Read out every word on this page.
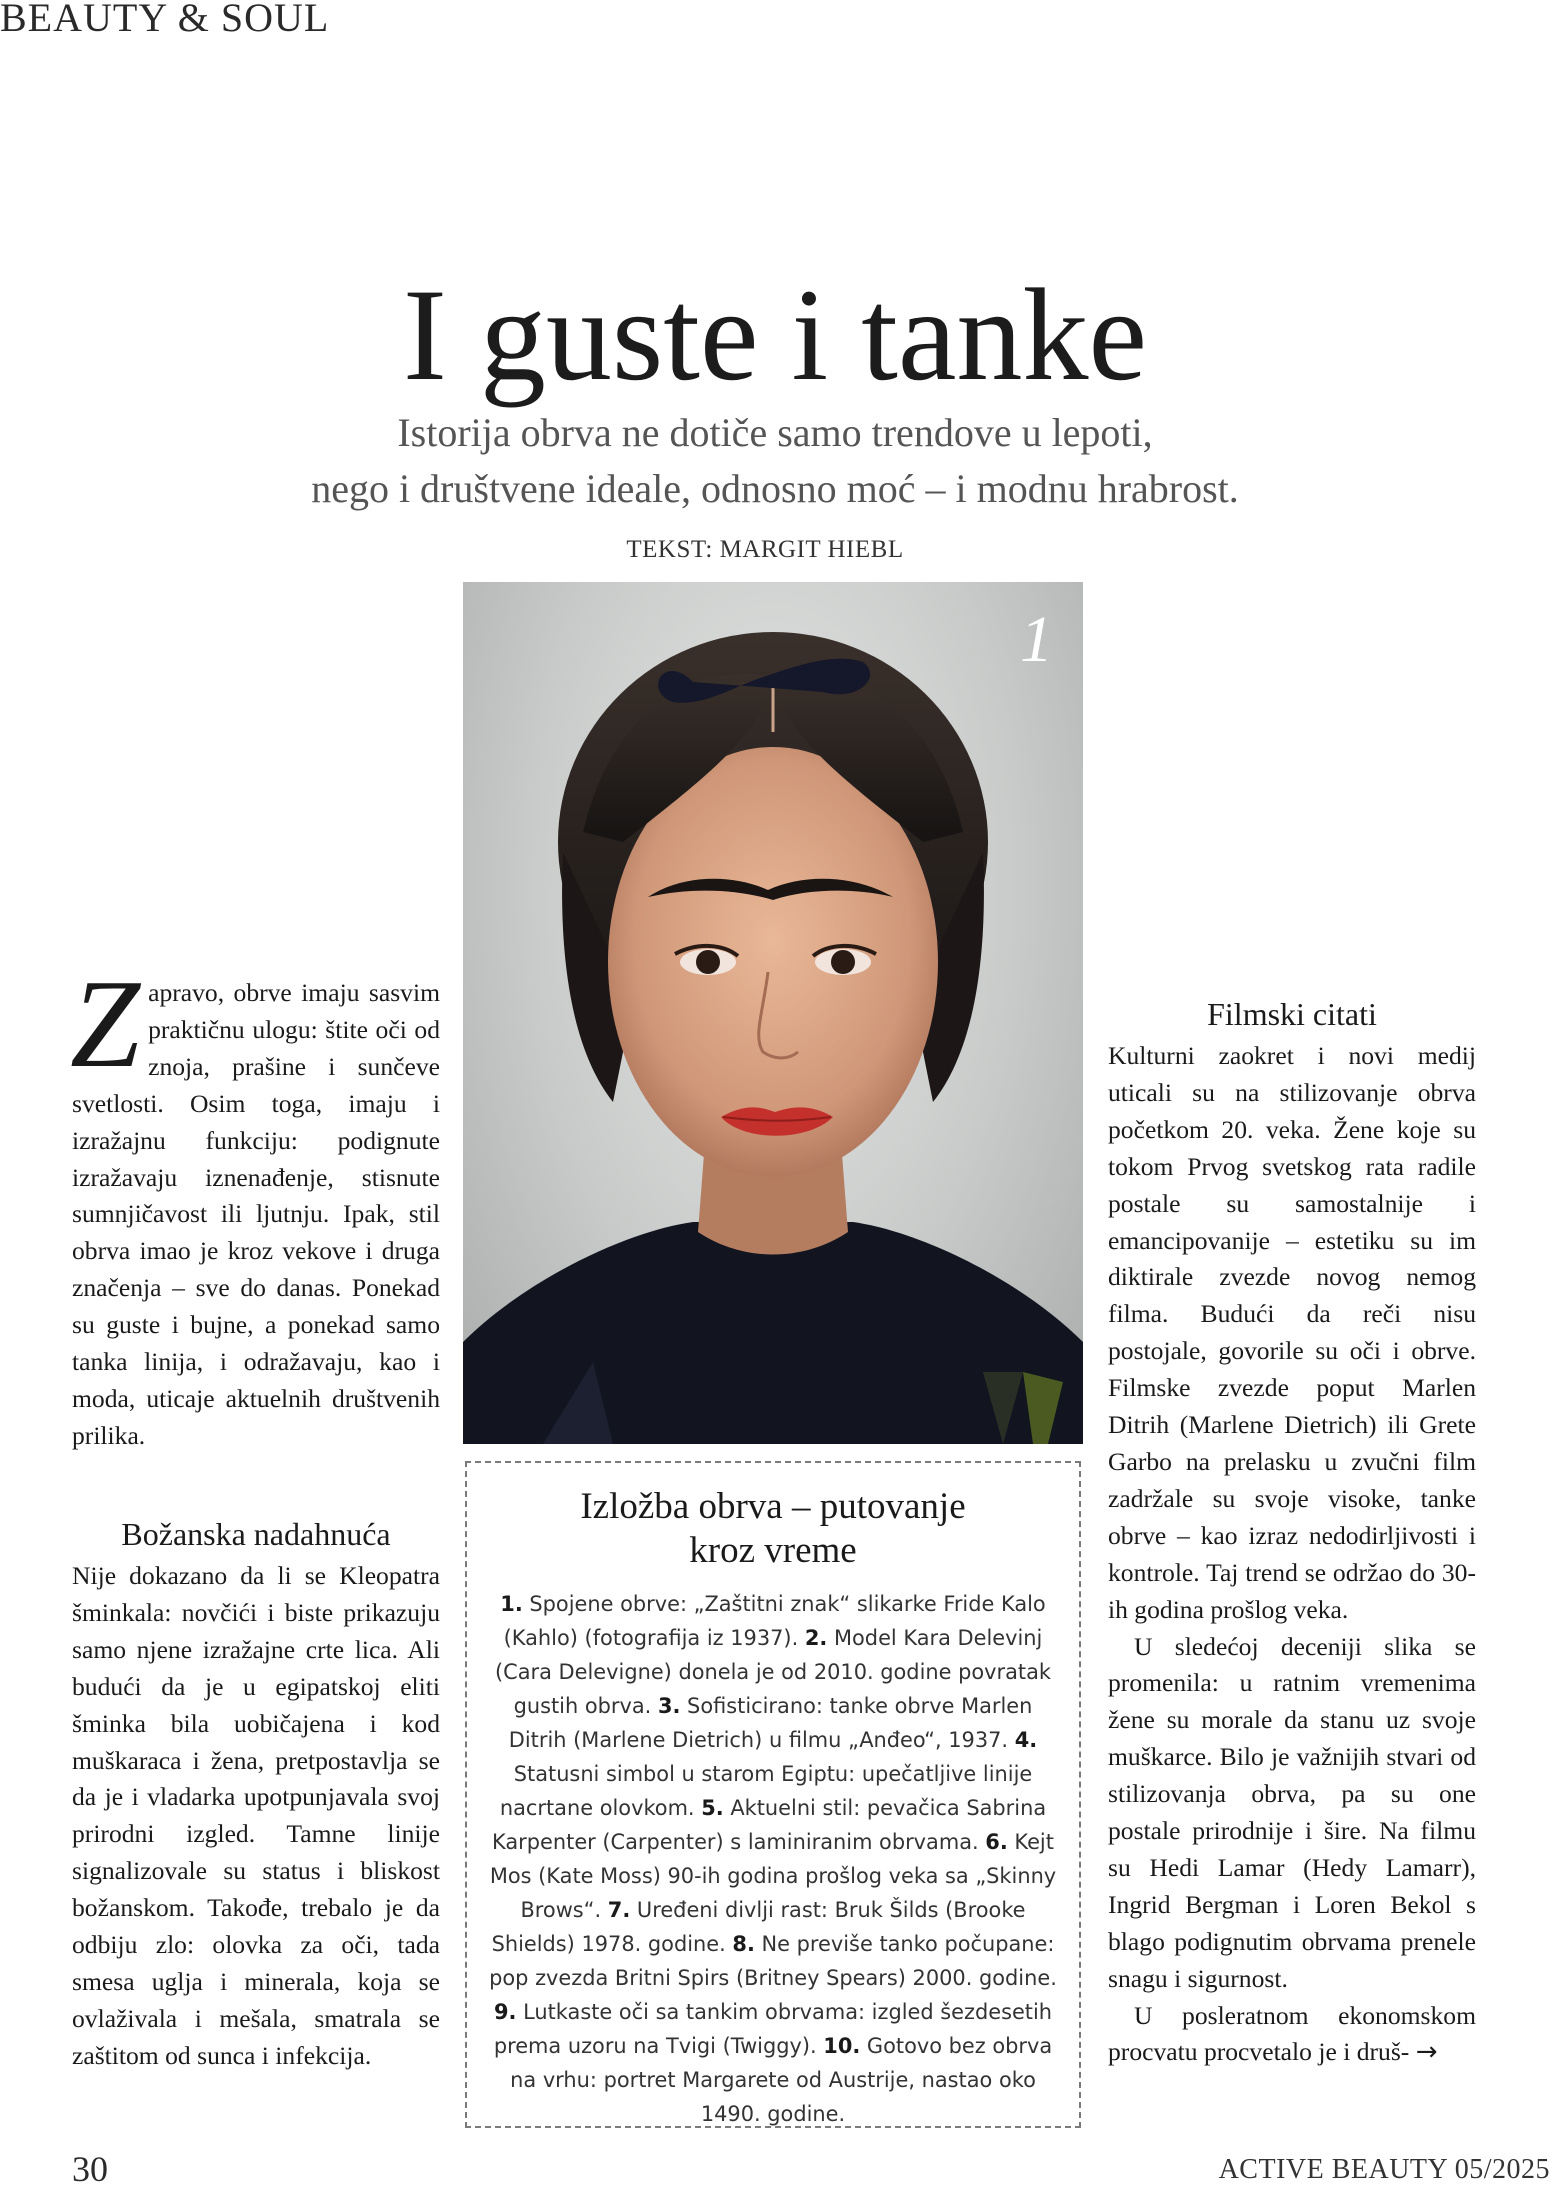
BEAUTY & SOUL
I guste i tanke
Istorija obrva ne dotiče samo trendove u lepoti,
nego i društvene ideale, odnosno moć – i modnu hrabrost.
TEKST: MARGIT HIEBL
1
Z apravo, obrve imaju sasvim praktičnu ulogu: štite oči od znoja, prašine i sunčeve svetlosti. Osim toga, imaju i izražajnu funkciju: podignute izražavaju iznenađenje, stisnute sumnjičavost ili ljutnju. Ipak, stil obrva imao je kroz vekove i druga značenja – sve do danas. Ponekad su guste i bujne, a ponekad samo tanka linija, i odražavaju, kao i moda, uticaje aktuelnih društvenih prilika.

Božanska nadahnuća

Nije dokazano da li se Kleopatra šminkala: novčići i biste prikazuju samo njene izražajne crte lica. Ali budući da je u egipatskoj eliti šminka bila uobičajena i kod muškaraca i žena, pretpostavlja se da je i vladarka upotpunjavala svoj prirodni izgled. Tamne linije signalizovale su status i bliskost božanskom. Takođe, trebalo je da odbiju zlo: olovka za oči, tada smesa uglja i minerala, koja se ovlaživala i mešala, smatrala se zaštitom od sunca i infekcija.

Izložba obrva – putovanje
kroz vreme

1. Spojene obrve: „Zaštitni znak“ slikarke Fride Kalo (Kahlo) (fotografija iz 1937). 2. Model Kara Delevinj (Cara Delevigne) donela je od 2010. godine povratak gustih obrva. 3. Sofisticirano: tanke obrve Marlen Ditrih (Marlene Dietrich) u filmu „Anđeo“, 1937. 4. Statusni simbol u starom Egiptu: upečatljive linije nacrtane olovkom. 5. Aktuelni stil: pevačica Sabrina Karpenter (Carpenter) s laminiranim obrvama. 6. Kejt Mos (Kate Moss) 90-ih godina prošlog veka sa „Skinny Brows“. 7. Uređeni divlji rast: Bruk Šilds (Brooke Shields) 1978. godine. 8. Ne previše tanko počupane: pop zvezda Britni Spirs (Britney Spears) 2000. godine. 9. Lutkaste oči sa tankim obrvama: izgled šezdesetih prema uzoru na Tvigi (Twiggy). 10. Gotovo bez obrva na vrhu: portret Margarete od Austrije, nastao oko 1490. godine.

Filmski citati

Kulturni zaokret i novi medij uticali su na stilizovanje obrva početkom 20. veka. Žene koje su tokom Prvog svetskog rata radile postale su samostalnije i emancipovanije – estetiku su im diktirale zvezde novog nemog filma. Budući da reči nisu postojale, govorile su oči i obrve. Filmske zvezde poput Marlen Ditrih (Marlene Dietrich) ili Grete Garbo na prelasku u zvučni film zadržale su svoje visoke, tanke obrve – kao izraz nedodirljivosti i kontrole. Taj trend se održao do 30-ih godina prošlog veka.

U sledećoj deceniji slika se promenila: u ratnim vremenima žene su morale da stanu uz svoje muškarce. Bilo je važnijih stvari od stilizovanja obrva, pa su one postale prirodnije i šire. Na filmu su Hedi Lamar (Hedy Lamarr), Ingrid Bergman i Loren Bekol s blago podignutim obrvama prenele snagu i sigurnost.

U posleratnom ekonomskom procvatu procvetalo je i druš- →

30	ACTIVE BEAUTY 05/2025
